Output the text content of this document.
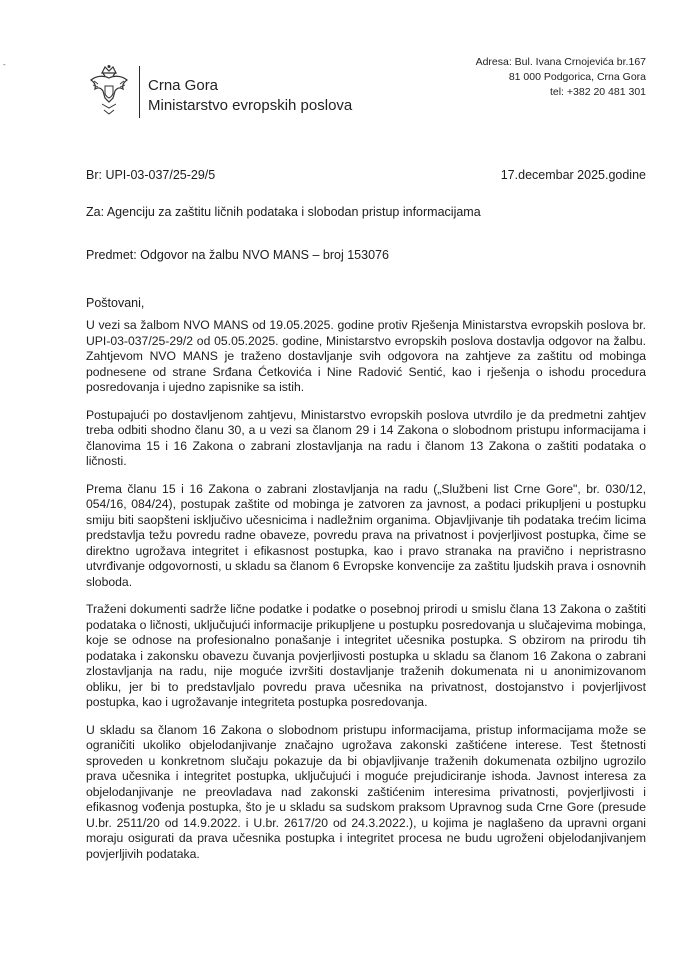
-
Crna Gora
Ministarstvo evropskih poslova
Adresa: Bul. Ivana Crnojevića br.167
81 000 Podgorica, Crna Gora
tel: +382 20 481 301
Br: UPI-03-037/25-29/5	17.decembar 2025.godine
Za: Agenciju za zaštitu ličnih podataka i slobodan pristup informacijama
Predmet: Odgovor na žalbu NVO MANS – broj 153076
Poštovani,

U vezi sa žalbom NVO MANS od 19.05.2025. godine protiv Rješenja Ministarstva evropskih poslova br. UPI-03-037/25-29/2 od 05.05.2025. godine, Ministarstvo evropskih poslova dostavlja odgovor na žalbu. Zahtjevom NVO MANS je traženo dostavljanje svih odgovora na zahtjeve za zaštitu od mobinga podnesene od strane Srđana Ćetkovića i Nine Radović Sentić, kao i rješenja o ishodu procedura posredovanja i ujedno zapisnike sa istih.

Postupajući po dostavljenom zahtjevu, Ministarstvo evropskih poslova utvrdilo je da predmetni zahtjev treba odbiti shodno članu 30, a u vezi sa članom 29 i 14 Zakona o slobodnom pristupu informacijama i članovima 15 i 16 Zakona o zabrani zlostavljanja na radu i članom 13 Zakona o zaštiti podataka o ličnosti.

Prema članu 15 i 16 Zakona o zabrani zlostavljanja na radu („Službeni list Crne Gore", br. 030/12, 054/16, 084/24), postupak zaštite od mobinga je zatvoren za javnost, a podaci prikupljeni u postupku smiju biti saopšteni isključivo učesnicima i nadležnim organima. Objavljivanje tih podataka trećim licima predstavlja težu povredu radne obaveze, povredu prava na privatnost i povjerljivost postupka, čime se direktno ugrožava integritet i efikasnost postupka, kao i pravo stranaka na pravično i nepristrasno utvrđivanje odgovornosti, u skladu sa članom 6 Evropske konvencije za zaštitu ljudskih prava i osnovnih sloboda.

Traženi dokumenti sadrže lične podatke i podatke o posebnoj prirodi u smislu člana 13 Zakona o zaštiti podataka o ličnosti, uključujući informacije prikupljene u postupku posredovanja u slučajevima mobinga, koje se odnose na profesionalno ponašanje i integritet učesnika postupka. S obzirom na prirodu tih podataka i zakonsku obavezu čuvanja povjerljivosti postupka u skladu sa članom 16 Zakona o zabrani zlostavljanja na radu, nije moguće izvršiti dostavljanje traženih dokumenata ni u anonimizovanom obliku, jer bi to predstavljalo povredu prava učesnika na privatnost, dostojanstvo i povjerljivost postupka, kao i ugrožavanje integriteta postupka posredovanja.

U skladu sa članom 16 Zakona o slobodnom pristupu informacijama, pristup informacijama može se ograničiti ukoliko objelodanjivanje značajno ugrožava zakonski zaštićene interese. Test štetnosti sproveden u konkretnom slučaju pokazuje da bi objavljivanje traženih dokumenata ozbiljno ugrozilo prava učesnika i integritet postupka, uključujući i moguće prejudiciranje ishoda. Javnost interesa za objelodanjivanje ne preovladava nad zakonski zaštićenim interesima privatnosti, povjerljivosti i efikasnog vođenja postupka, što je u skladu sa sudskom praksom Upravnog suda Crne Gore (presude U.br. 2511/20 od 14.9.2022. i U.br. 2617/20 od 24.3.2022.), u kojima je naglašeno da upravni organi moraju osigurati da prava učesnika postupka i integritet procesa ne budu ugroženi objelodanjivanjem povjerljivih podataka.
